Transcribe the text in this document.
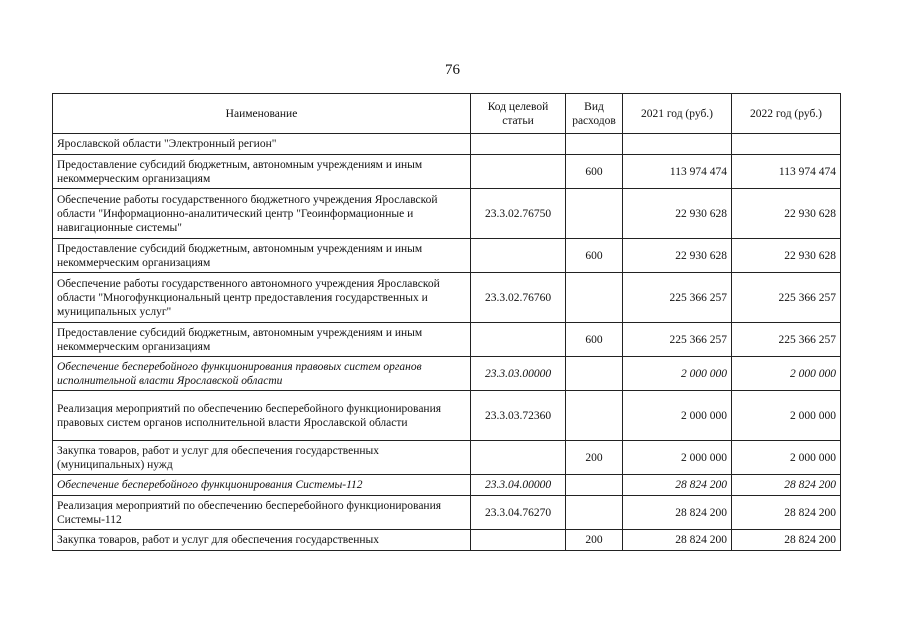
76
Наименование	Код целевой статьи	Вид расходов	2021 год (руб.)	2022 год (руб.)
Ярославской области "Электронный регион"				
Предоставление субсидий бюджетным, автономным учреждениям и иным некоммерческим организациям		600	113 974 474	113 974 474
Обеспечение работы государственного бюджетного учреждения Ярославской области "Информационно-аналитический центр "Геоинформационные и навигационные системы"	23.3.02.76750		22 930 628	22 930 628
Предоставление субсидий бюджетным, автономным учреждениям и иным некоммерческим организациям		600	22 930 628	22 930 628
Обеспечение работы государственного автономного учреждения Ярославской области "Многофункциональный центр предоставления государственных и муниципальных услуг"	23.3.02.76760		225 366 257	225 366 257
Предоставление субсидий бюджетным, автономным учреждениям и иным некоммерческим организациям		600	225 366 257	225 366 257
Обеспечение бесперебойного функционирования правовых систем органов исполнительной власти Ярославской области	23.3.03.00000		2 000 000	2 000 000
Реализация мероприятий по обеспечению бесперебойного функционирования правовых систем органов исполнительной власти Ярославской области	23.3.03.72360		2 000 000	2 000 000
Закупка товаров, работ и услуг для обеспечения государственных (муниципальных) нужд		200	2 000 000	2 000 000
Обеспечение бесперебойного функционирования Системы-112	23.3.04.00000		28 824 200	28 824 200
Реализация мероприятий по обеспечению бесперебойного функционирования Системы-112	23.3.04.76270		28 824 200	28 824 200
Закупка товаров, работ и услуг для обеспечения государственных		200	28 824 200	28 824 200
